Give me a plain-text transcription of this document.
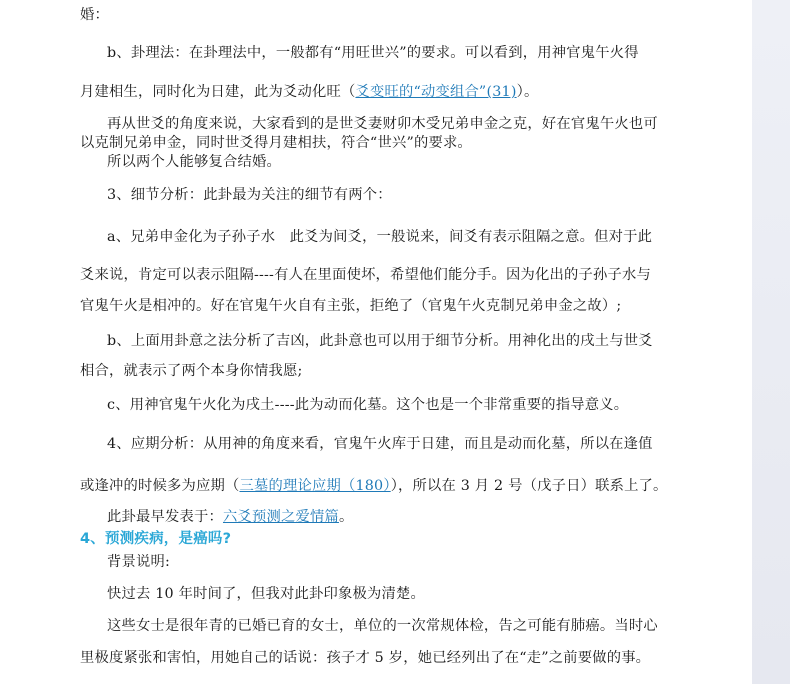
婚：
b、卦理法：在卦理法中，一般都有“用旺世兴”的要求。可以看到，用神官鬼午火得
月建相生，同时化为日建，此为爻动化旺（爻变旺的“动变组合”(31)）。
再从世爻的角度来说，大家看到的是世爻妻财卯木受兄弟申金之克，好在官鬼午火也可
以克制兄弟申金，同时世爻得月建相扶，符合“世兴”的要求。
所以两个人能够复合结婚。
3、细节分析：此卦最为关注的细节有两个：
a、兄弟申金化为子孙子水　此爻为间爻，一般说来，间爻有表示阻隔之意。但对于此
爻来说，肯定可以表示阻隔----有人在里面使坏，希望他们能分手。因为化出的子孙子水与
官鬼午火是相冲的。好在官鬼午火自有主张，拒绝了（官鬼午火克制兄弟申金之故）;
b、上面用卦意之法分析了吉凶，此卦意也可以用于细节分析。用神化出的戌土与世爻
相合，就表示了两个本身你情我愿;
c、用神官鬼午火化为戌土----此为动而化墓。这个也是一个非常重要的指导意义。
4、应期分析：从用神的角度来看，官鬼午火库于日建，而且是动而化墓，所以在逢值
或逢冲的时候多为应期（三墓的理论应期（180）），所以在 3 月 2 号（戊子日）联系上了。
此卦最早发表于：六爻预测之爱情篇。
4、预测疾病，是癌吗?
背景说明:
快过去 10 年时间了，但我对此卦印象极为清楚。
这些女士是很年青的已婚已育的女士，单位的一次常规体检，告之可能有肺癌。当时心
里极度紧张和害怕，用她自己的话说：孩子才 5 岁，她已经列出了在“走”之前要做的事。
